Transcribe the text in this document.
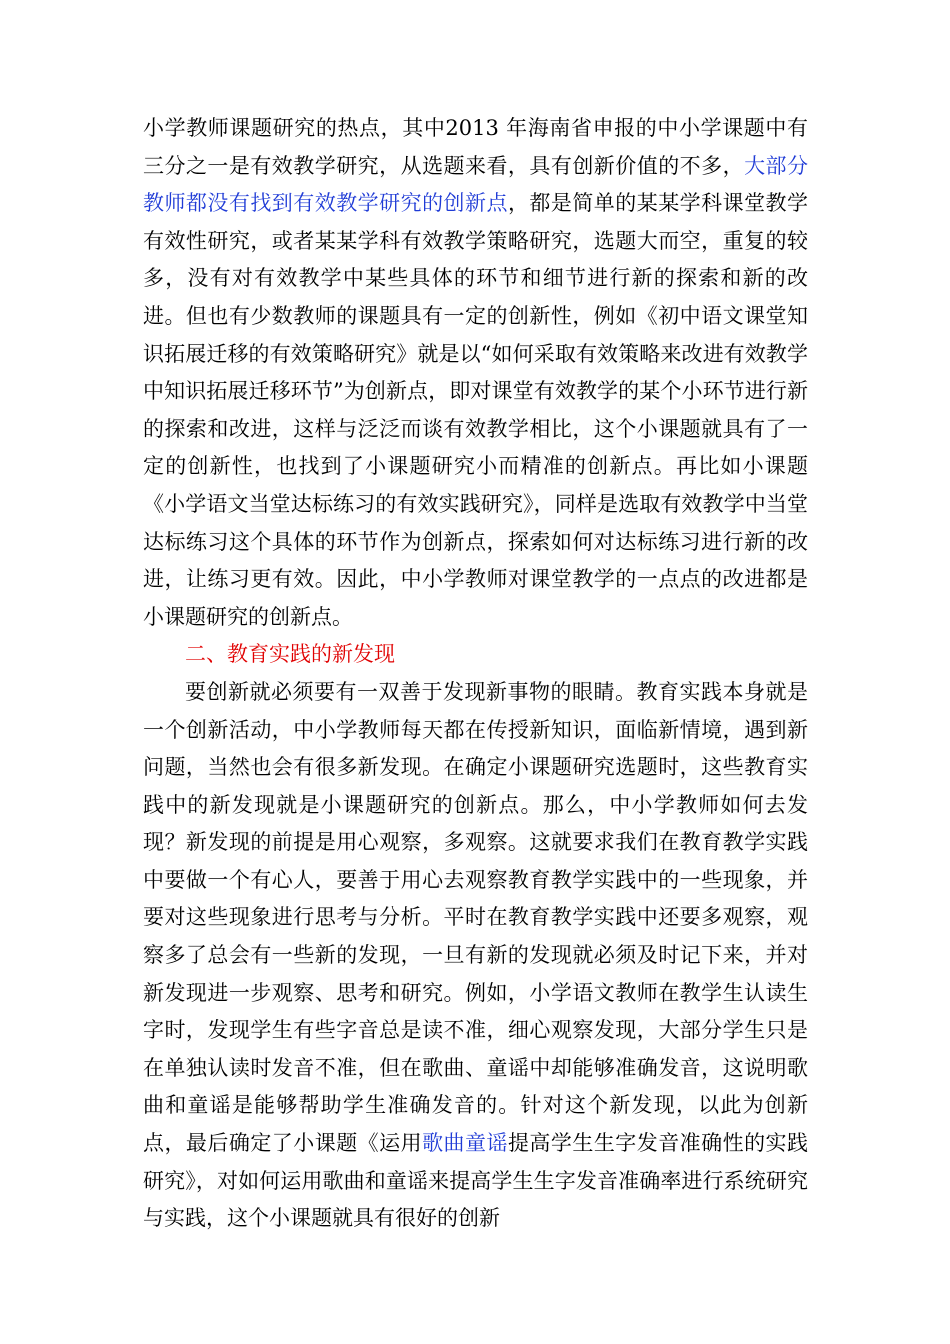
小学教师课题研究的热点，其中2013 年海南省申报的中小学课题中有三分之一是有效教学研究，从选题来看，具有创新价值的不多，大部分教师都没有找到有效教学研究的创新点，都是简单的某某学科课堂教学有效性研究，或者某某学科有效教学策略研究，选题大而空，重复的较多，没有对有效教学中某些具体的环节和细节进行新的探索和新的改进。但也有少数教师的课题具有一定的创新性，例如《初中语文课堂知识拓展迁移的有效策略研究》就是以“如何采取有效策略来改进有效教学中知识拓展迁移环节”为创新点，即对课堂有效教学的某个小环节进行新的探索和改进，这样与泛泛而谈有效教学相比，这个小课题就具有了一定的创新性，也找到了小课题研究小而精准的创新点。再比如小课题《小学语文当堂达标练习的有效实践研究》，同样是选取有效教学中当堂达标练习这个具体的环节作为创新点，探索如何对达标练习进行新的改进，让练习更有效。因此，中小学教师对课堂教学的一点点的改进都是小课题研究的创新点。

二、教育实践的新发现

要创新就必须要有一双善于发现新事物的眼睛。教育实践本身就是一个创新活动，中小学教师每天都在传授新知识，面临新情境，遇到新问题，当然也会有很多新发现。在确定小课题研究选题时，这些教育实践中的新发现就是小课题研究的创新点。那么，中小学教师如何去发现？新发现的前提是用心观察，多观察。这就要求我们在教育教学实践中要做一个有心人，要善于用心去观察教育教学实践中的一些现象，并要对这些现象进行思考与分析。平时在教育教学实践中还要多观察，观察多了总会有一些新的发现，一旦有新的发现就必须及时记下来，并对新发现进一步观察、思考和研究。例如，小学语文教师在教学生认读生字时，发现学生有些字音总是读不准，细心观察发现，大部分学生只是在单独认读时发音不准，但在歌曲、童谣中却能够准确发音，这说明歌曲和童谣是能够帮助学生准确发音的。针对这个新发现，以此为创新点，最后确定了小课题《运用歌曲童谣提高学生生字发音准确性的实践研究》，对如何运用歌曲和童谣来提高学生生字发音准确率进行系统研究与实践，这个小课题就具有很好的创新
